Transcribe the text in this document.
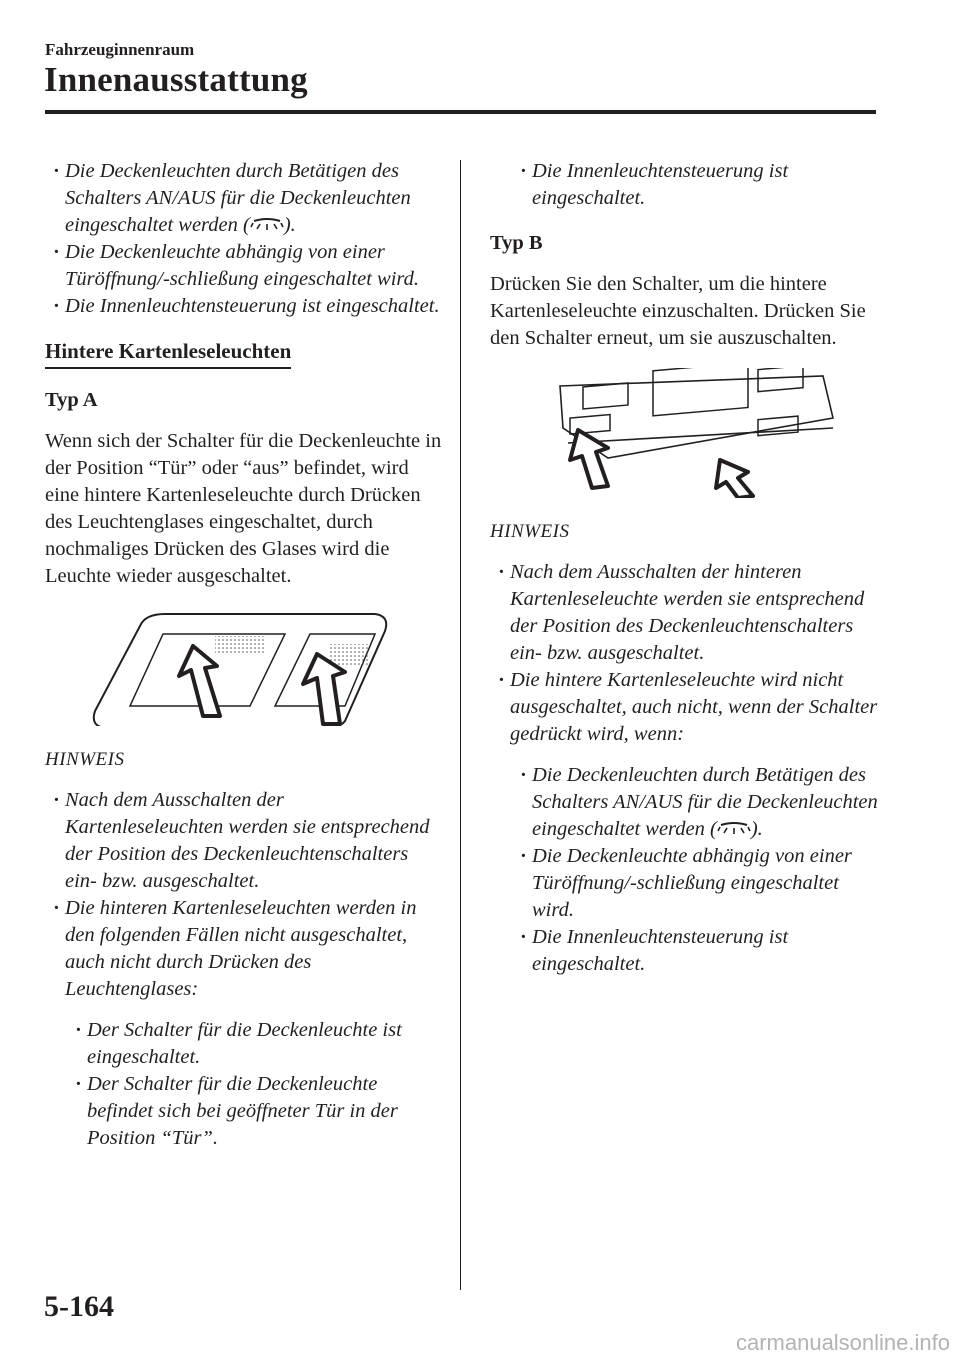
Fahrzeuginnenraum
Innenausstattung
· Die Deckenleuchten durch Betätigen des Schalters AN/AUS für die Deckenleuchten eingeschaltet werden ( ).
· Die Deckenleuchte abhängig von einer Türöffnung/-schließung eingeschaltet wird.
· Die Innenleuchtensteuerung ist eingeschaltet.
Hintere Kartenleseleuchten
Typ A

Wenn sich der Schalter für die Deckenleuchte in der Position “Tür” oder “aus” befindet, wird eine hintere Kartenleseleuchte durch Drücken des Leuchtenglases eingeschaltet, durch nochmaliges Drücken des Glases wird die Leuchte wieder ausgeschaltet.

HINWEIS
· Nach dem Ausschalten der Kartenleseleuchten werden sie entsprechend der Position des Deckenleuchtenschalters ein- bzw. ausgeschaltet.
· Die hinteren Kartenleseleuchten werden in den folgenden Fällen nicht ausgeschaltet, auch nicht durch Drücken des Leuchtenglases:
· Der Schalter für die Deckenleuchte ist eingeschaltet.
· Der Schalter für die Deckenleuchte befindet sich bei geöffneter Tür in der Position “Tür”.
· Die Innenleuchtensteuerung ist eingeschaltet.
Typ B

Drücken Sie den Schalter, um die hintere Kartenleseleuchte einzuschalten. Drücken Sie den Schalter erneut, um sie auszuschalten.

HINWEIS
· Nach dem Ausschalten der hinteren Kartenleseleuchte werden sie entsprechend der Position des Deckenleuchtenschalters ein- bzw. ausgeschaltet.
· Die hintere Kartenleseleuchte wird nicht ausgeschaltet, auch nicht, wenn der Schalter gedrückt wird, wenn:
· Die Deckenleuchten durch Betätigen des Schalters AN/AUS für die Deckenleuchten eingeschaltet werden ( ).
· Die Deckenleuchte abhängig von einer Türöffnung/-schließung eingeschaltet wird.
· Die Innenleuchtensteuerung ist eingeschaltet.
5-164
carmanualsonline.info
